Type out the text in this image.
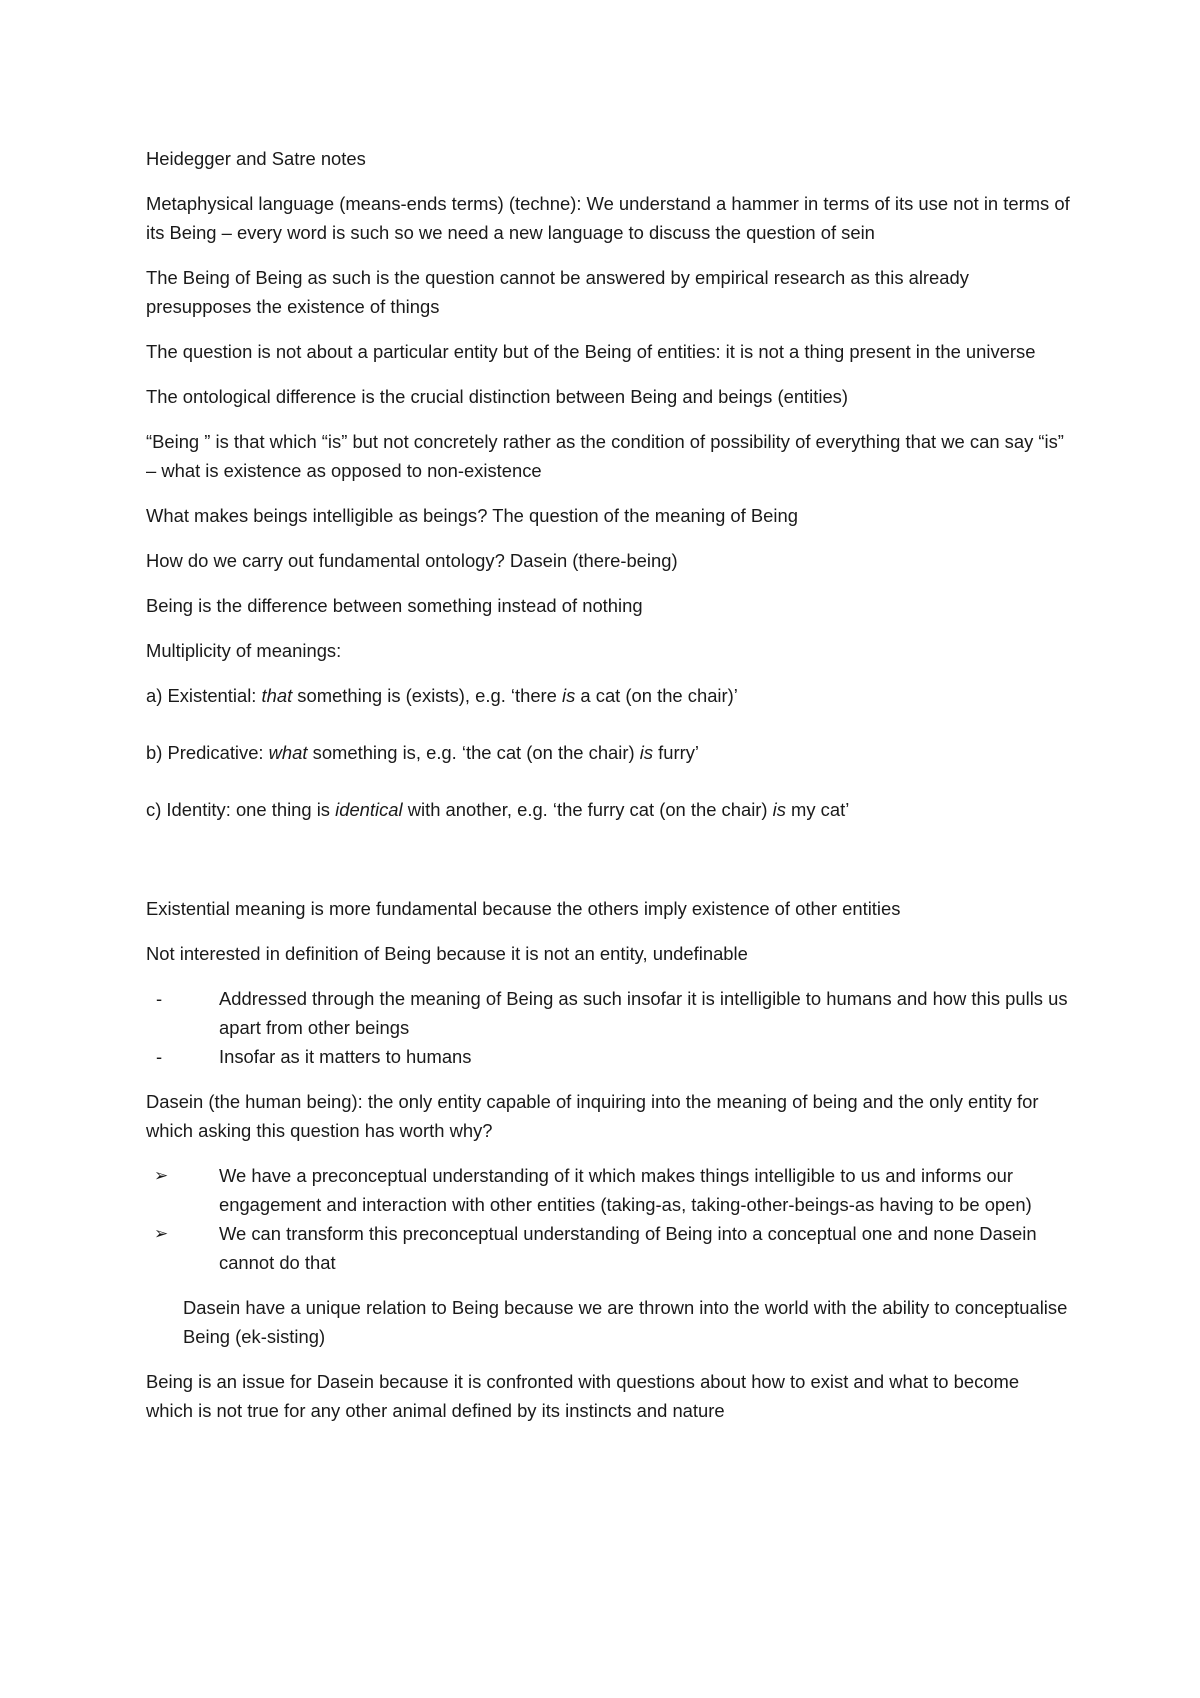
Heidegger and Satre notes

Metaphysical language (means-ends terms) (techne): We understand a hammer in terms of its use not in terms of its Being – every word is such so we need a new language to discuss the question of sein

The Being of Being as such is the question cannot be answered by empirical research as this already presupposes the existence of things

The question is not about a particular entity but of the Being of entities: it is not a thing present in the universe

The ontological difference is the crucial distinction between Being and beings (entities)

“Being ” is that which “is” but not concretely rather as the condition of possibility of everything that we can say “is” – what is existence as opposed to non-existence

What makes beings intelligible as beings? The question of the meaning of Being

How do we carry out fundamental ontology? Dasein (there-being)

Being is the difference between something instead of nothing

Multiplicity of meanings:

a) Existential: that something is (exists), e.g. ‘there is a cat (on the chair)’

b) Predicative: what something is, e.g. ‘the cat (on the chair) is furry’

c) Identity: one thing is identical with another, e.g. ‘the furry cat (on the chair) is my cat’

Existential meaning is more fundamental because the others imply existence of other entities

Not interested in definition of Being because it is not an entity, undefinable

-	Addressed through the meaning of Being as such insofar it is intelligible to humans and how this pulls us apart from other beings
-	Insofar as it matters to humans

Dasein (the human being): the only entity capable of inquiring into the meaning of being and the only entity for which asking this question has worth why?

➢	We have a preconceptual understanding of it which makes things intelligible to us and informs our engagement and interaction with other entities (taking-as, taking-other-beings-as having to be open)
➢	We can transform this preconceptual understanding of Being into a conceptual one and none Dasein cannot do that

Dasein have a unique relation to Being because we are thrown into the world with the ability to conceptualise Being (ek-sisting)

Being is an issue for Dasein because it is confronted with questions about how to exist and what to become which is not true for any other animal defined by its instincts and nature
